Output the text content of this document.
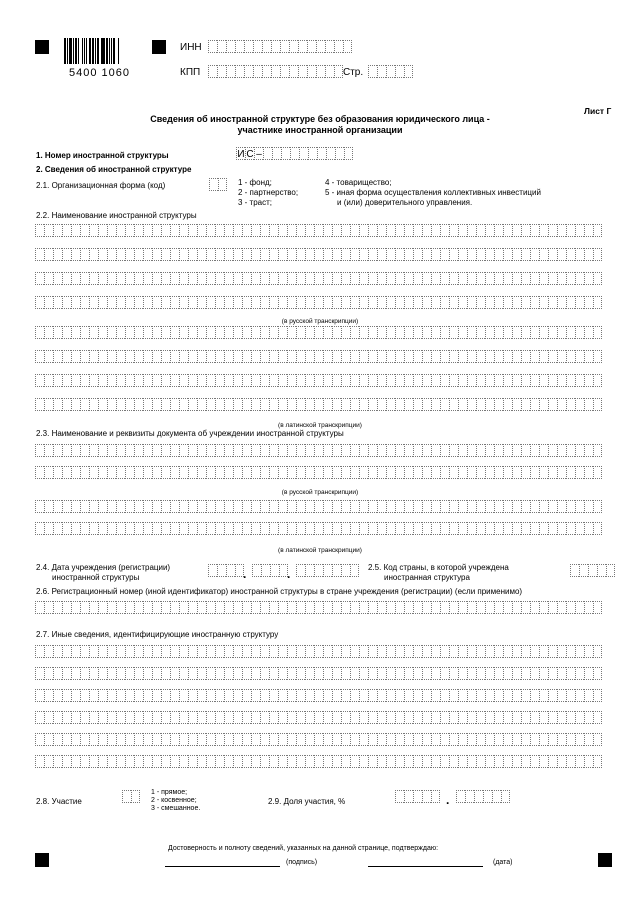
5400 1060
ИНН
КПП	Стр.
Лист Г
Сведения об иностранной структуре без образования юридического лица -
участнике иностранной организации
1. Номер иностранной структуры	И С –
2. Сведения об иностранной структуре
2.1. Организационная форма (код)	1 - фонд;
2 - партнерство;
3 - траст;
4 - товарищество;
5 - иная форма осуществления коллективных инвестиций
и (или) доверительного управления.
2.2. Наименование иностранной структуры
(в русской транскрипции)
(в латинской транскрипции)
2.3. Наименование и реквизиты документа об учреждении иностранной структуры
(в русской транскрипции)
(в латинской транскрипции)
2.4. Дата учреждения (регистрации)
иностранной структуры	.	.	2.5. Код страны, в которой учреждена
иностранная структура
2.6. Регистрационный номер (иной идентификатор) иностранной структуры в стране учреждения (регистрации) (если применимо)
2.7. Иные сведения, идентифицирующие иностранную структуру
2.8. Участие
1 - прямое;
2 - косвенное;
3 - смешанное.
2.9. Доля участия, %	.
Достоверность и полноту сведений, указанных на данной странице, подтверждаю:
(подпись)	(дата)
